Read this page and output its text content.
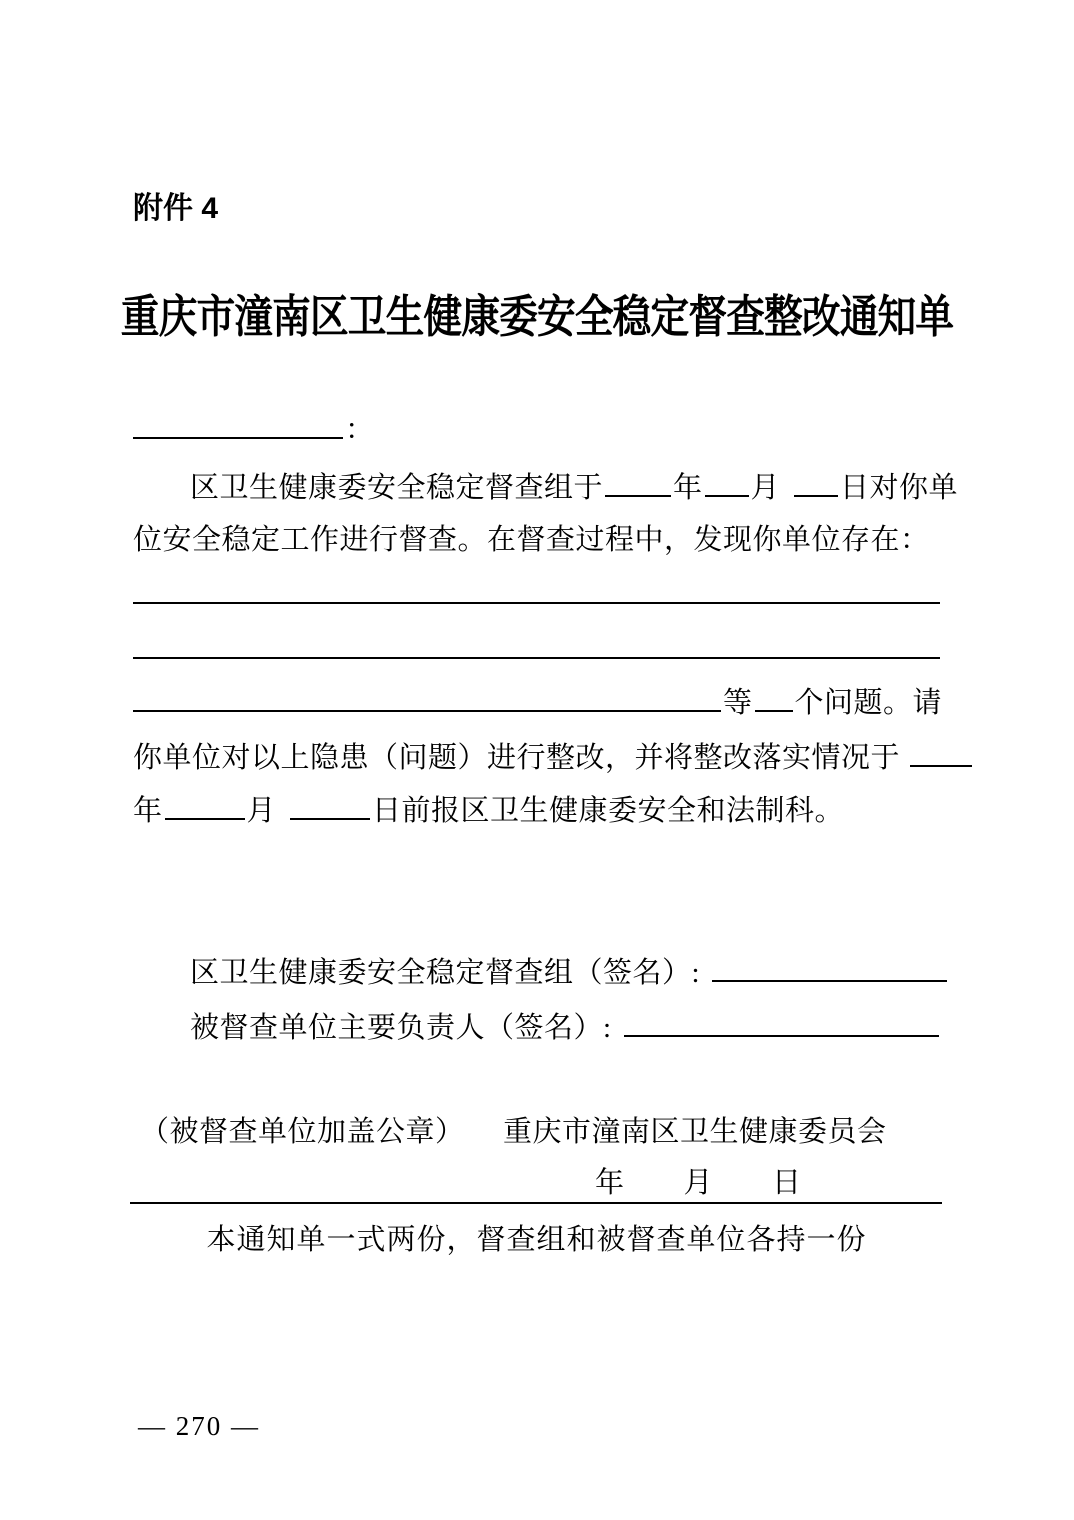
附件 4
重庆市潼南区卫生健康委安全稳定督查整改通知单
：
区卫生健康委安全稳定督查组于 年 月 日对你单
位安全稳定工作进行督查。在督查过程中，发现你单位存在：
等 个问题。请
你单位对以上隐患（问题）进行整改，并将整改落实情况于
年	月	日前报区卫生健康委安全和法制科。
区卫生健康委安全稳定督查组（签名）:
被督查单位主要负责人（签名）:
（被督查单位加盖公章） 重庆市潼南区卫生健康委员会
年　　月　　日
本通知单一式两份，督查组和被督查单位各持一份
— 270 —
